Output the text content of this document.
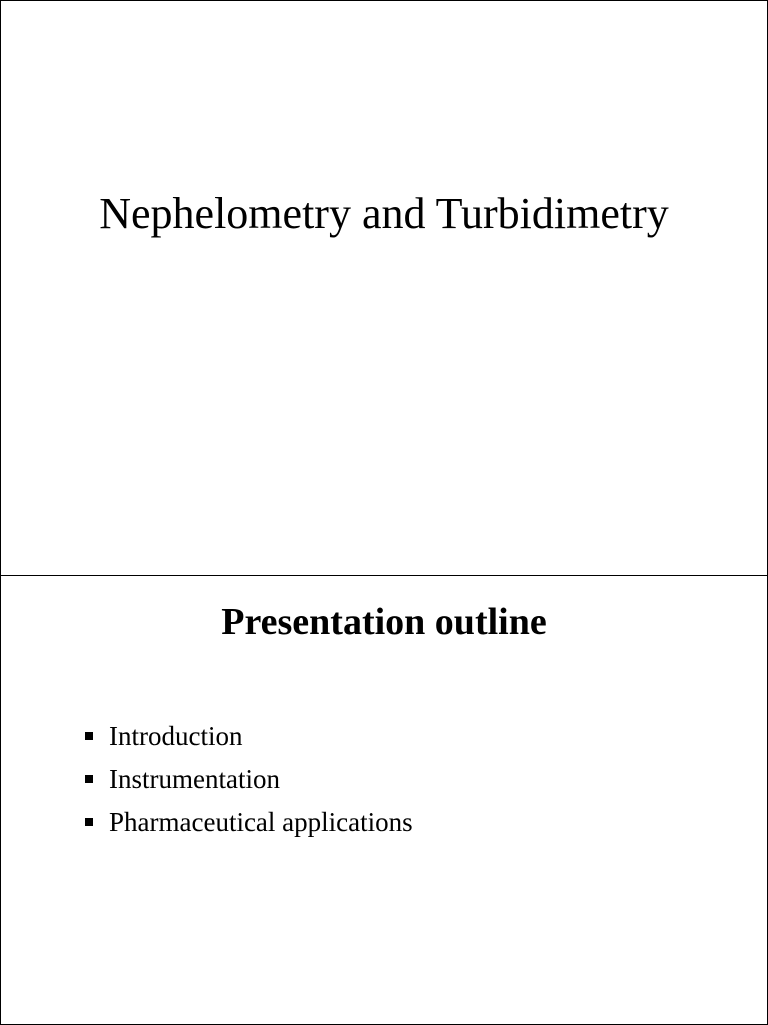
Nephelometry and Turbidimetry
Presentation outline
Introduction
Instrumentation
Pharmaceutical applications
